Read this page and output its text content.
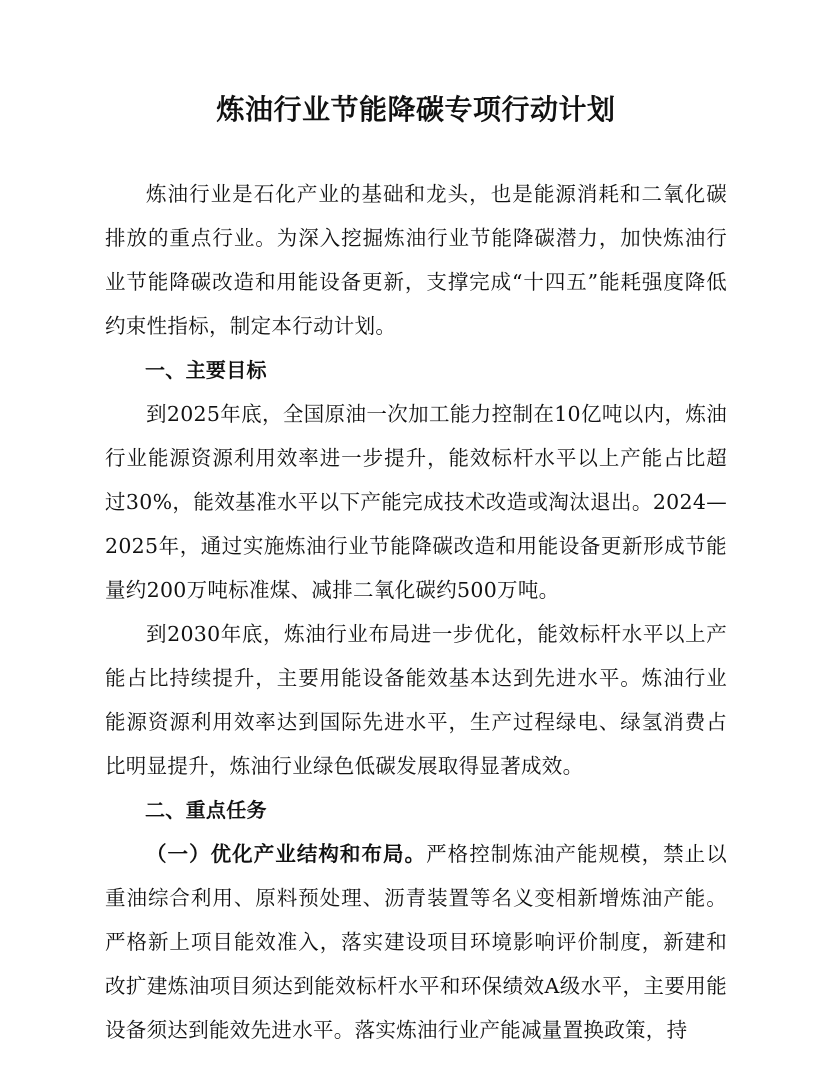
炼油行业节能降碳专项行动计划

炼油行业是石化产业的基础和龙头，也是能源消耗和二氧化碳排放的重点行业。为深入挖掘炼油行业节能降碳潜力，加快炼油行业节能降碳改造和用能设备更新，支撑完成“十四五”能耗强度降低约束性指标，制定本行动计划。

一、主要目标

到2025年底，全国原油一次加工能力控制在10亿吨以内，炼油行业能源资源利用效率进一步提升，能效标杆水平以上产能占比超过30%，能效基准水平以下产能完成技术改造或淘汰退出。2024—2025年，通过实施炼油行业节能降碳改造和用能设备更新形成节能量约200万吨标准煤、减排二氧化碳约500万吨。

到2030年底，炼油行业布局进一步优化，能效标杆水平以上产能占比持续提升，主要用能设备能效基本达到先进水平。炼油行业能源资源利用效率达到国际先进水平，生产过程绿电、绿氢消费占比明显提升，炼油行业绿色低碳发展取得显著成效。

二、重点任务

（一）优化产业结构和布局。严格控制炼油产能规模，禁止以重油综合利用、原料预处理、沥青装置等名义变相新增炼油产能。严格新上项目能效准入，落实建设项目环境影响评价制度，新建和改扩建炼油项目须达到能效标杆水平和环保绩效A级水平，主要用能设备须达到能效先进水平。落实炼油行业产能减量置换政策，持
